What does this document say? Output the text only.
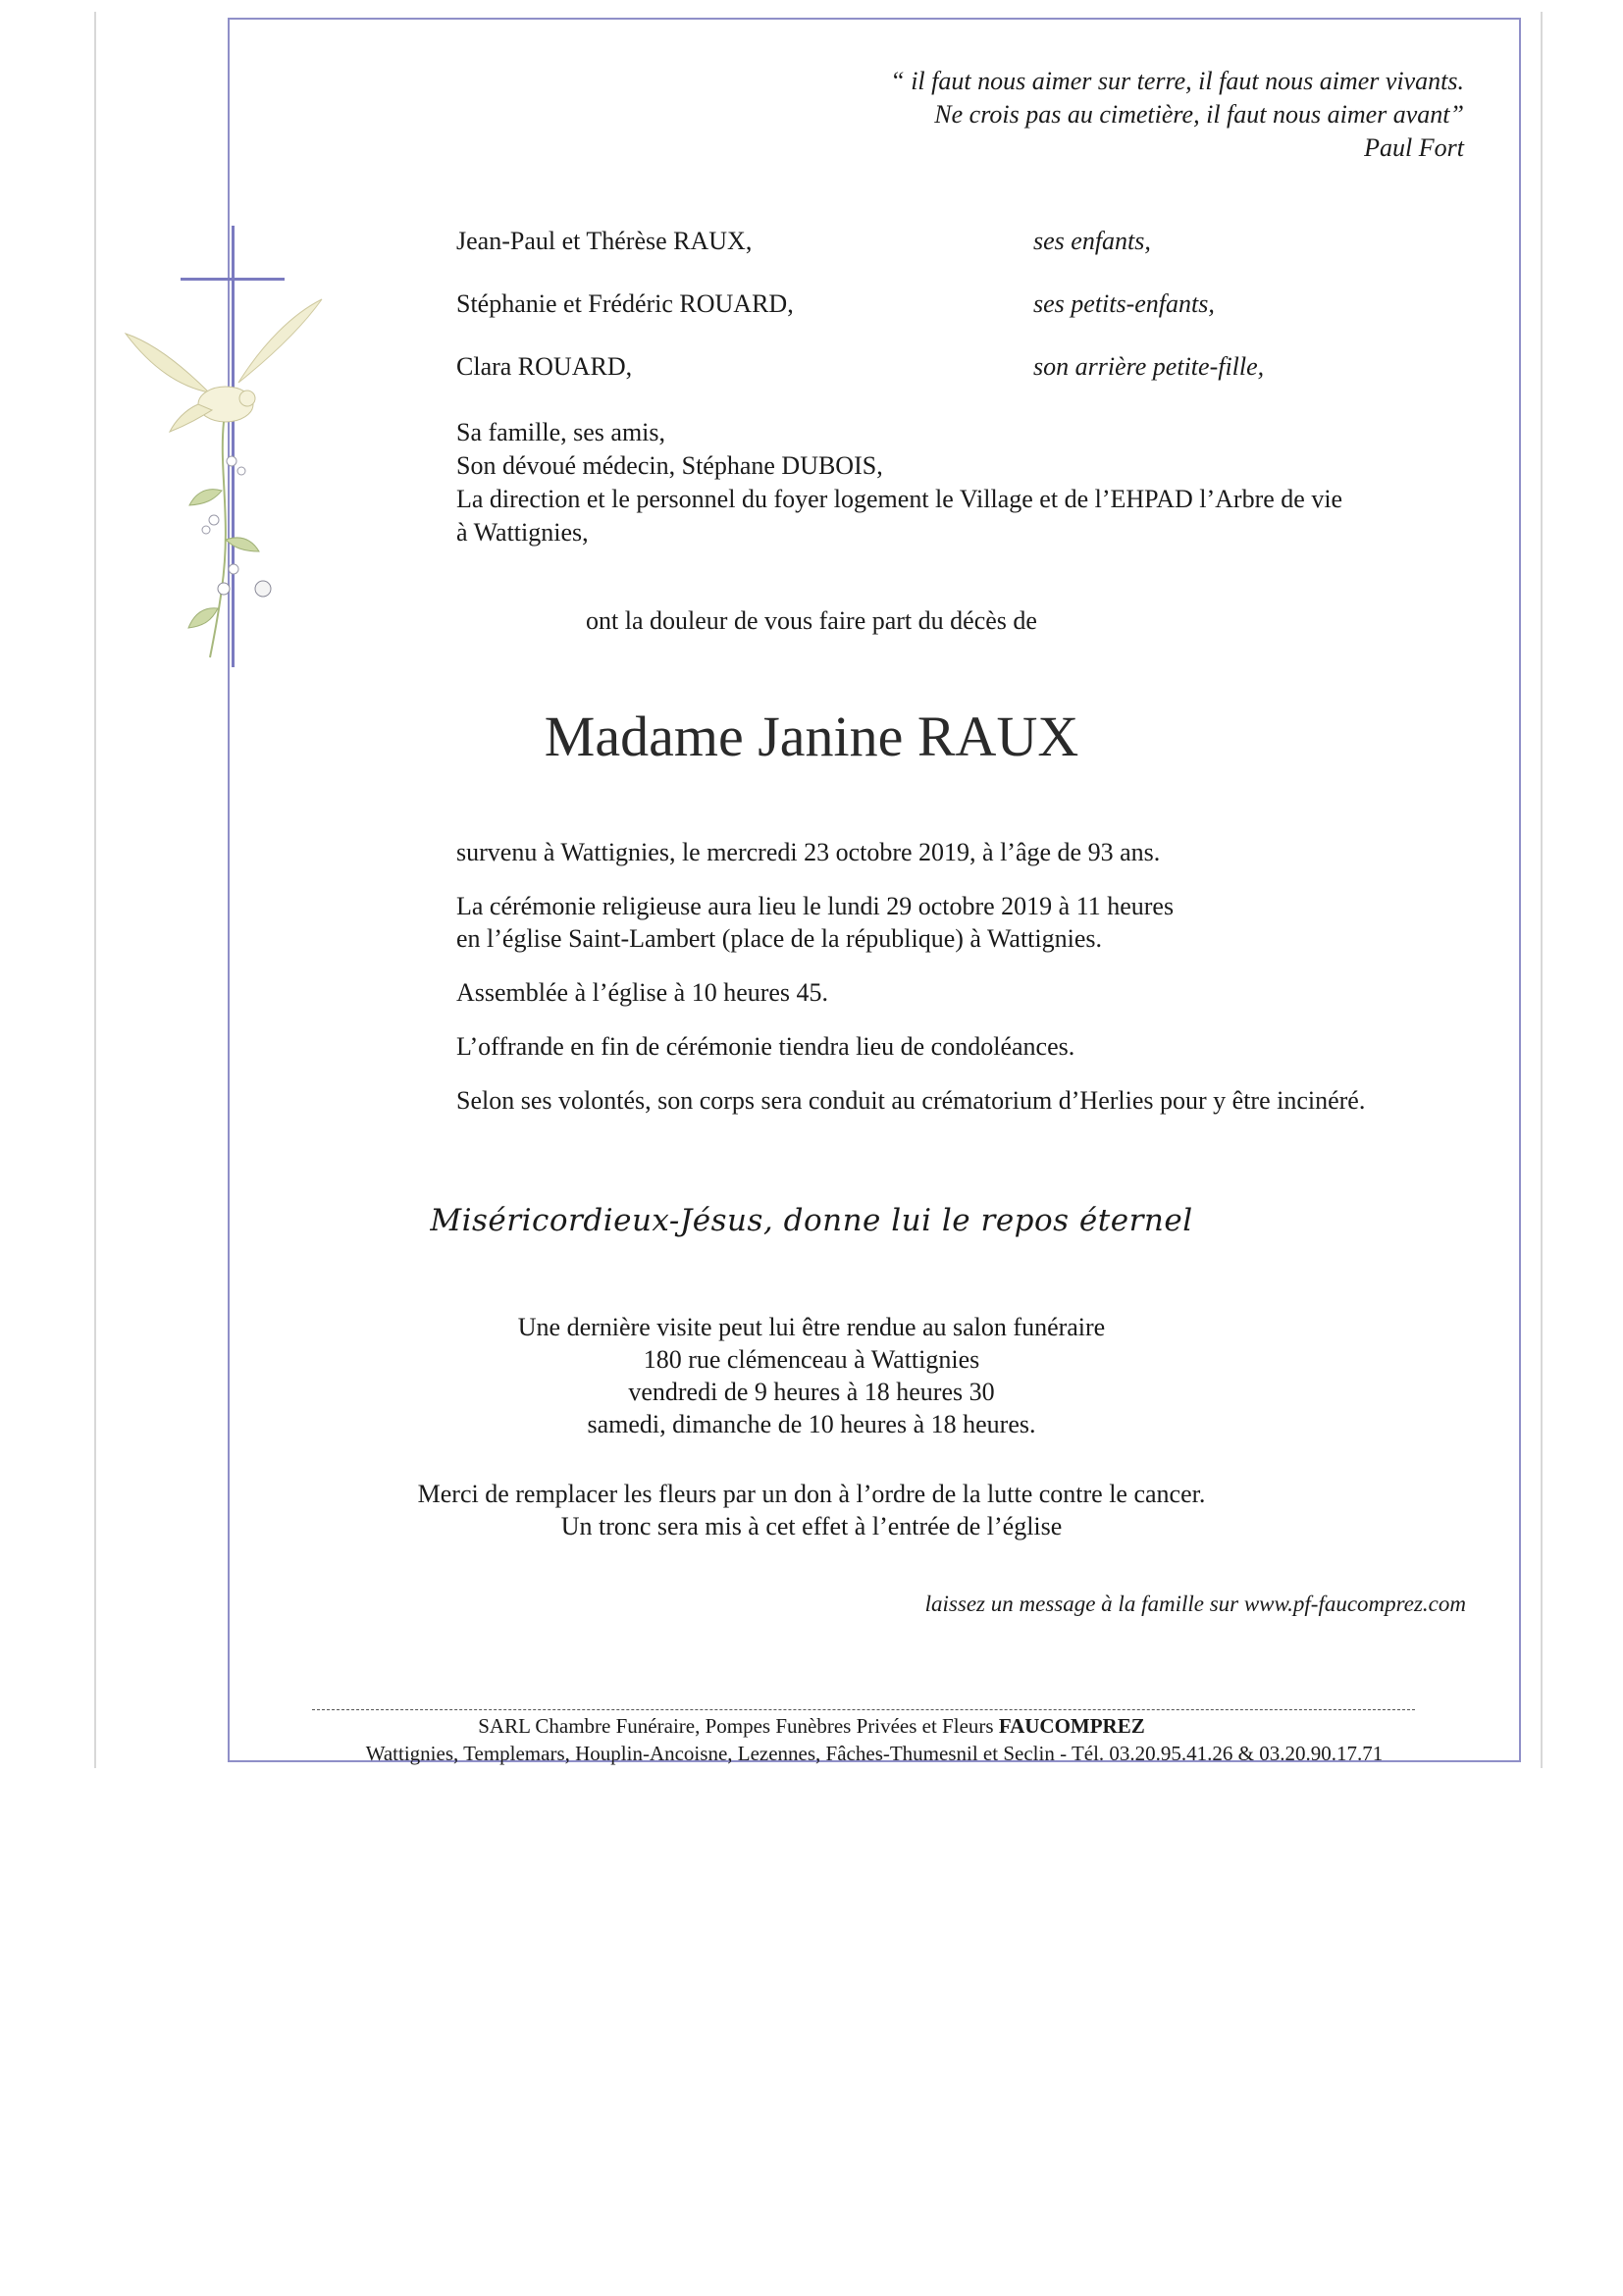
“ il faut nous aimer sur terre, il faut nous aimer vivants.
Ne crois pas au cimetière, il faut nous aimer avant”
Paul Fort
Jean-Paul et Thérèse RAUX,	ses enfants,
Stéphanie et Frédéric ROUARD,	ses petits-enfants,
Clara ROUARD,	son arrière petite-fille,
Sa famille, ses amis,
Son dévoué médecin, Stéphane DUBOIS,
La direction et le personnel du foyer logement le Village et de l’EHPAD l’Arbre de vie
à Wattignies,
ont la douleur de vous faire part du décès de
Madame Janine RAUX

survenu à Wattignies, le mercredi 23 octobre 2019, à l’âge de 93 ans.

La cérémonie religieuse aura lieu le lundi 29 octobre 2019 à 11 heures
en l’église Saint-Lambert (place de la république) à Wattignies.

Assemblée à l’église à 10 heures 45.

L’offrande en fin de cérémonie tiendra lieu de condoléances.

Selon ses volontés, son corps sera conduit au crématorium d’Herlies pour y être incinéré.

Miséricordieux-Jésus, donne lui le repos éternel
Une dernière visite peut lui être rendue au salon funéraire
180 rue clémenceau à Wattignies
vendredi de 9 heures à 18 heures 30
samedi, dimanche de 10 heures à 18 heures.
Merci de remplacer les fleurs par un don à l’ordre de la lutte contre le cancer.
Un tronc sera mis à cet effet à l’entrée de l’église
laissez un message à la famille sur www.pf-faucomprez.com
SARL Chambre Funéraire, Pompes Funèbres Privées et Fleurs FAUCOMPREZ
Wattignies, Templemars, Houplin-Ancoisne, Lezennes, Fâches-Thumesnil et Seclin - Tél. 03.20.95.41.26 & 03.20.90.17.71
